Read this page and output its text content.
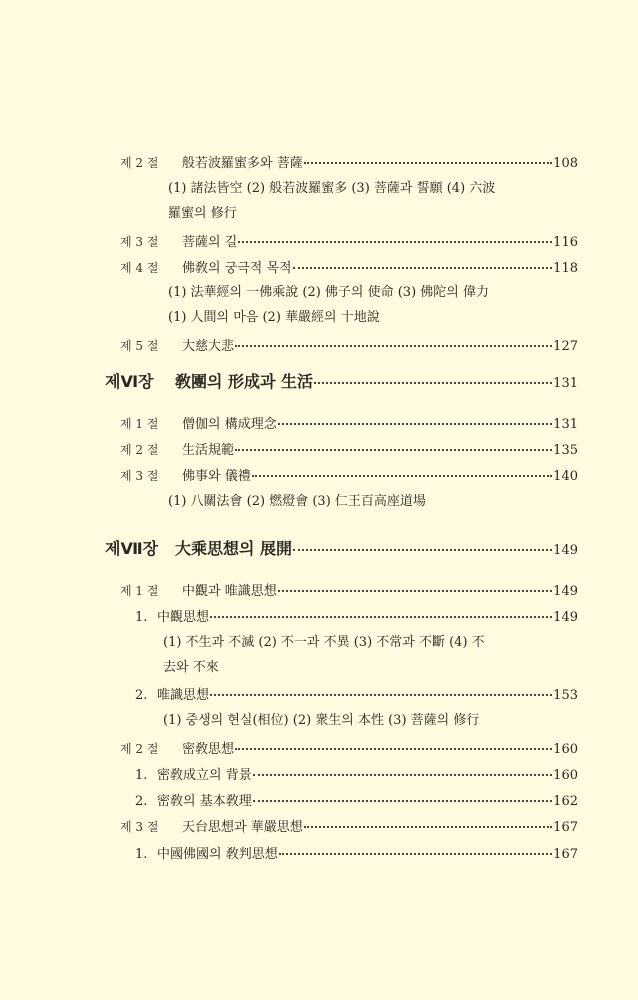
제 2 절	般若波羅蜜多와 菩薩	108
(1) 諸法皆空 (2) 般若波羅蜜多 (3) 菩薩과 誓願 (4) 六波
羅蜜의 修行
제 3 절	菩薩의 길	116
제 4 절	佛敎의 궁극적 목적	118
(1) 法華經의 一佛乘說 (2) 佛子의 使命 (3) 佛陀의 偉力
(1) 人間의 마음 (2) 華嚴經의 十地說
제 5 절	大慈大悲	127
제Ⅵ장	敎團의 形成과 生活	131
제 1 절	僧伽의 構成理念	131
제 2 절	生活規範	135
제 3 절	佛事와 儀禮	140
(1) 八關法會 (2) 燃燈會 (3) 仁王百高座道場
제Ⅶ장	大乘思想의 展開	149
제 1 절	中觀과 唯識思想	149
1. 中觀思想	149
(1) 不生과 不滅 (2) 不一과 不異 (3) 不常과 不斷 (4) 不
去와 不來
2. 唯識思想	153
(1) 중생의 현실(相位) (2) 衆生의 本性 (3) 菩薩의 修行
제 2 절	密敎思想	160
1. 密敎成立의 背景	160
2. 密敎의 基本敎理	162
제 3 절	天台思想과 華嚴思想	167
1. 中國佛國의 敎判思想	167
